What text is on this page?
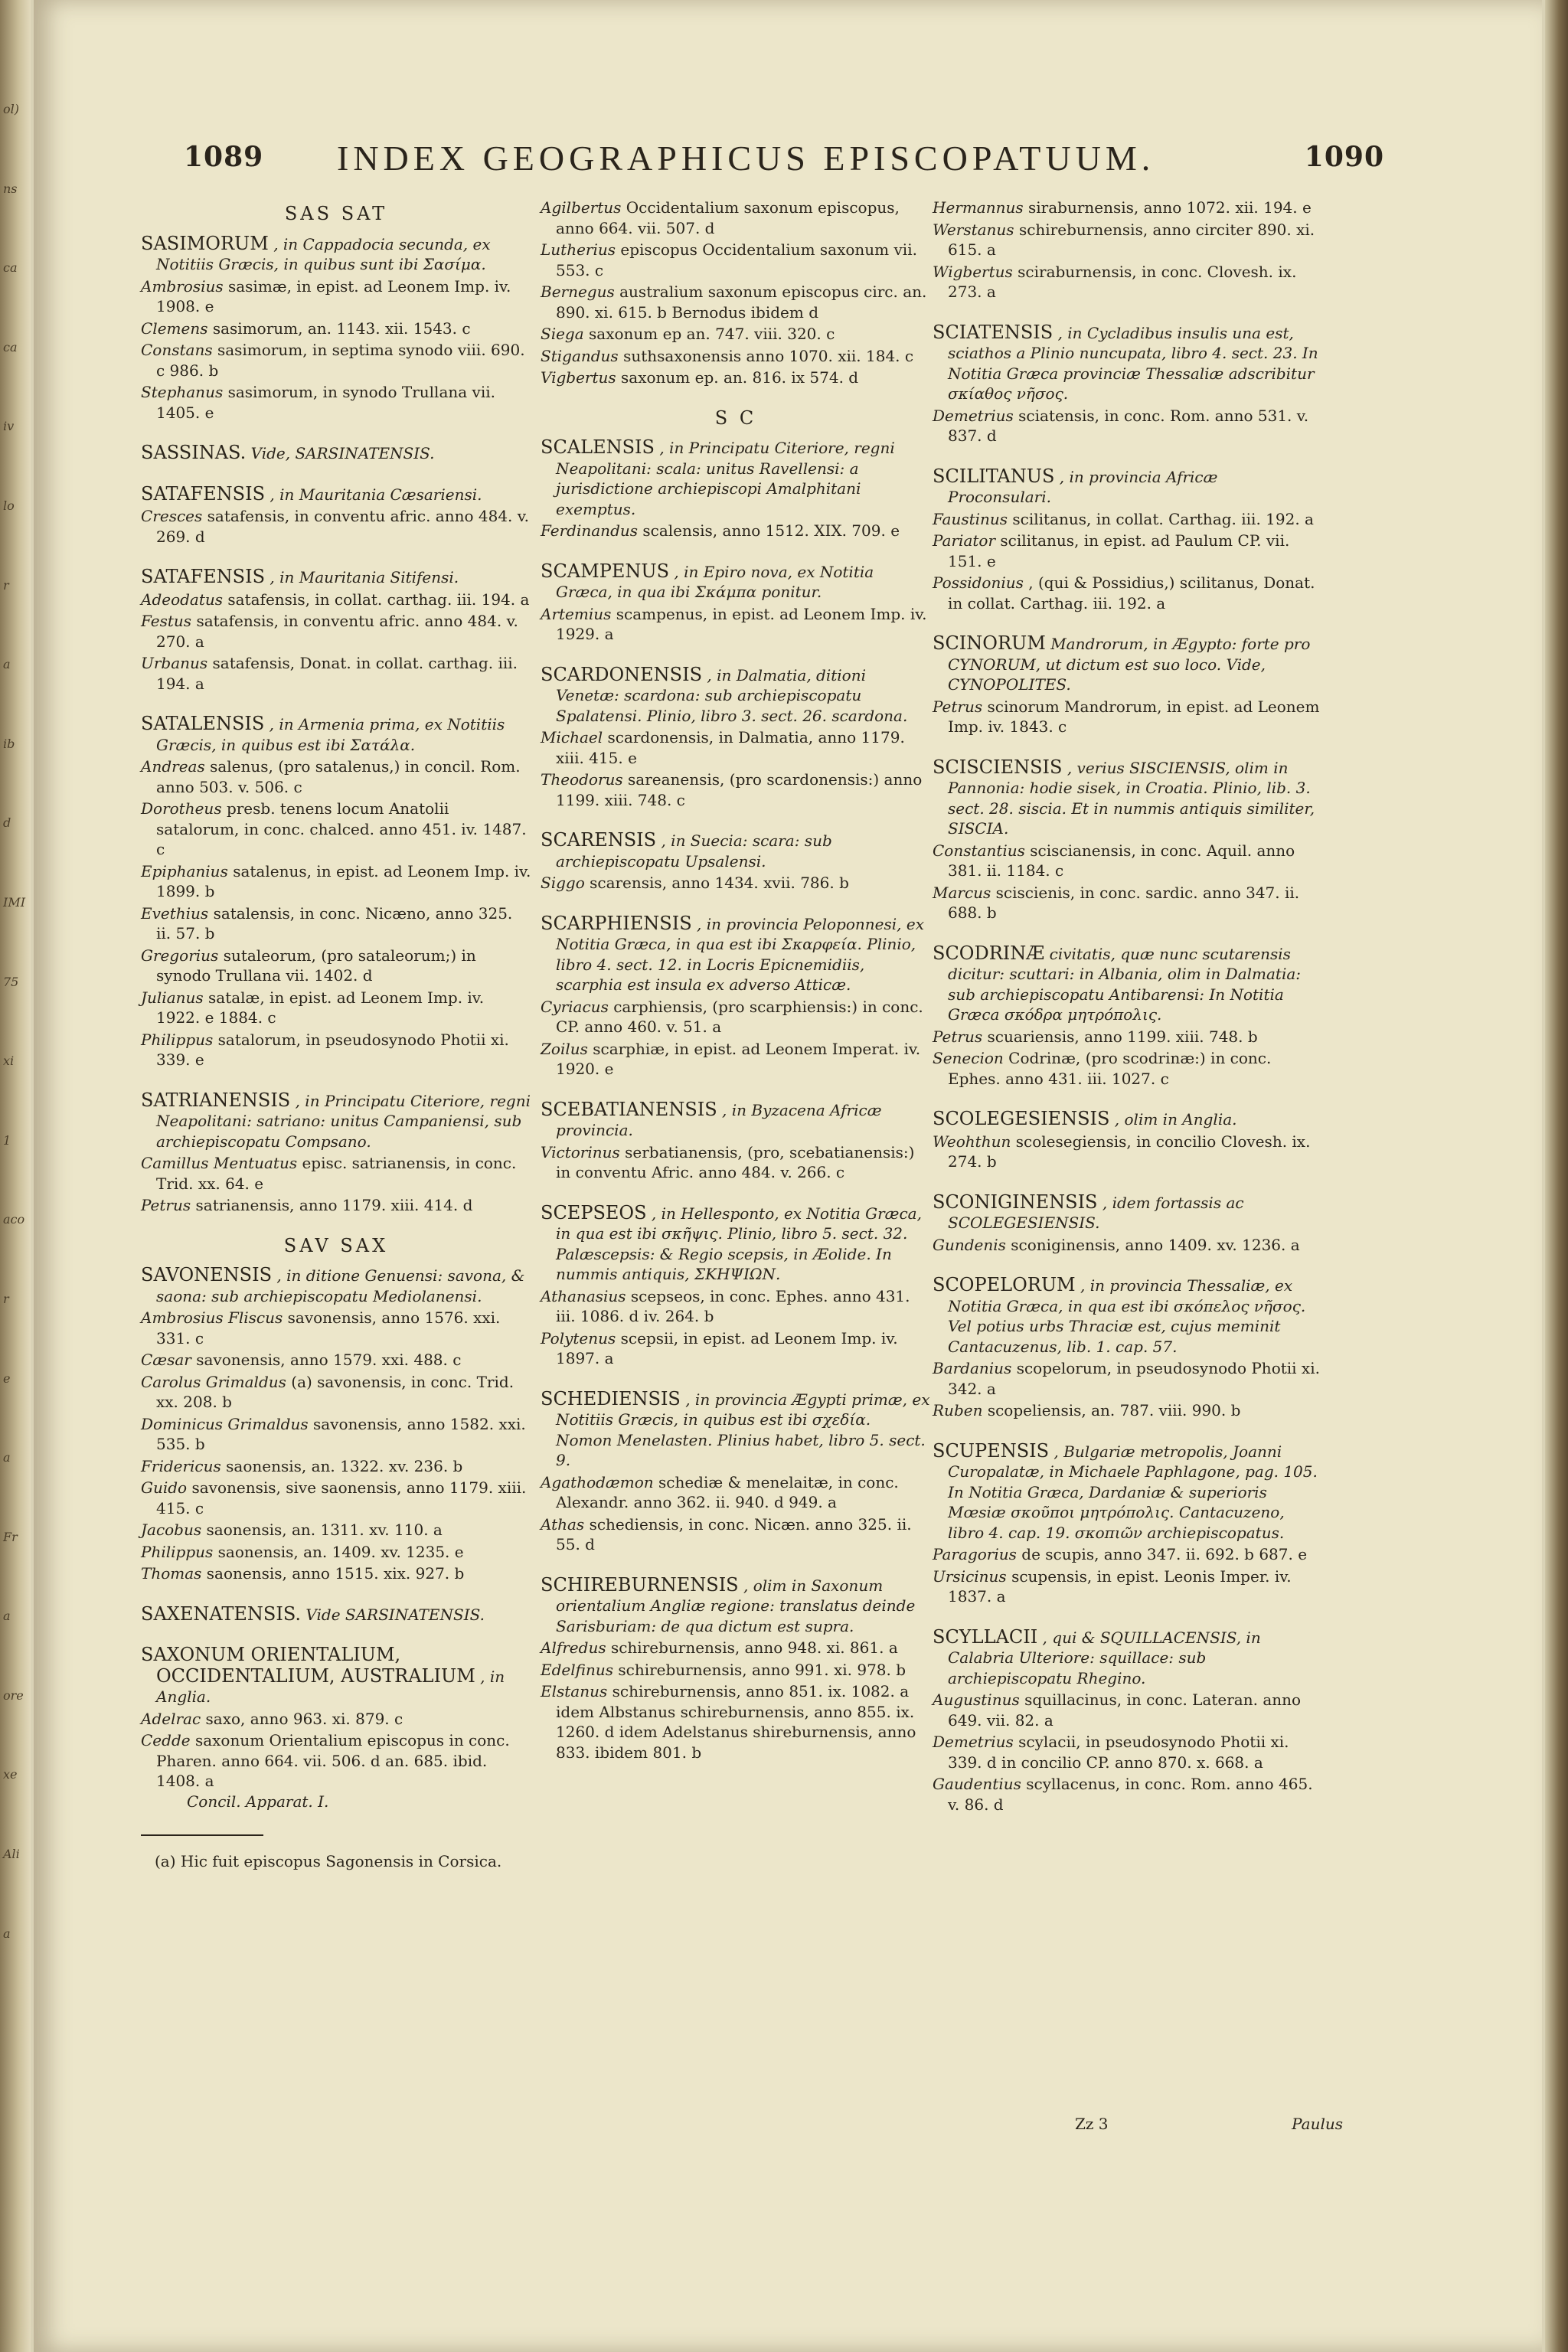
ol)
ns
ca
ca
iv
lo
r
a
ib
d
IMI
75
xi
1
aco
r
e
a
Fr
a
ore
xe
Ali
a
1089 INDEX GEOGRAPHICUS EPISCOPATUUM.	1090
SAS SAT

SASIMORUM , in Cappadocia secunda, ex Notitiis Græcis, in quibus sunt ibi Σασίμα.

Ambrosius sasimæ, in epist. ad Leonem Imp. iv. 1908. e

Clemens sasimorum, an. 1143. xii. 1543. c

Constans sasimorum, in septima synodo viii. 690. c 986. b

Stephanus sasimorum, in synodo Trullana vii. 1405. e

SASSINAS. Vide, SARSINATENSIS.

SATAFENSIS , in Mauritania Cæsariensi.

Cresces satafensis, in conventu afric. anno 484. v. 269. d

SATAFENSIS , in Mauritania Sitifensi.

Adeodatus satafensis, in collat. carthag. iii. 194. a

Festus satafensis, in conventu afric. anno 484. v. 270. a

Urbanus satafensis, Donat. in collat. carthag. iii. 194. a

SATALENSIS , in Armenia prima, ex Notitiis Græcis, in quibus est ibi Σατάλα.

Andreas salenus, (pro satalenus,) in concil. Rom. anno 503. v. 506. c

Dorotheus presb. tenens locum Anatolii satalorum, in conc. chalced. anno 451. iv. 1487. c

Epiphanius satalenus, in epist. ad Leonem Imp. iv. 1899. b

Evethius satalensis, in conc. Nicæno, anno 325. ii. 57. b

Gregorius sutaleorum, (pro sataleorum;) in synodo Trullana vii. 1402. d

Julianus satalæ, in epist. ad Leonem Imp. iv. 1922. e 1884. c

Philippus satalorum, in pseudosynodo Photii xi. 339. e

SATRIANENSIS , in Principatu Citeriore, regni Neapolitani: satriano: unitus Campaniensi, sub archiepiscopatu Compsano.

Camillus Mentuatus episc. satrianensis, in conc. Trid. xx. 64. e

Petrus satrianensis, anno 1179. xiii. 414. d

SAV SAX

SAVONENSIS , in ditione Genuensi: savona, & saona: sub archiepiscopatu Mediolanensi.

Ambrosius Fliscus savonensis, anno 1576. xxi. 331. c

Cæsar savonensis, anno 1579. xxi. 488. c

Carolus Grimaldus (a) savonensis, in conc. Trid. xx. 208. b

Dominicus Grimaldus savonensis, anno 1582. xxi. 535. b

Fridericus saonensis, an. 1322. xv. 236. b

Guido savonensis, sive saonensis, anno 1179. xiii. 415. c

Jacobus saonensis, an. 1311. xv. 110. a

Philippus saonensis, an. 1409. xv. 1235. e

Thomas saonensis, anno 1515. xix. 927. b

SAXENATENSIS. Vide SARSINATENSIS.

SAXONUM ORIENTALIUM, OCCIDENTALIUM, AUSTRALIUM , in Anglia.

Adelrac saxo, anno 963. xi. 879. c

Cedde saxonum Orientalium episcopus in conc. Pharen. anno 664. vii. 506. d an. 685. ibid. 1408. a

Concil. Apparat. I.

(a) Hic fuit episcopus Sagonensis in Corsica.

Agilbertus Occidentalium saxonum episcopus, anno 664. vii. 507. d

Lutherius episcopus Occidentalium saxonum vii. 553. c

Bernegus australium saxonum episcopus circ. an. 890. xi. 615. b Bernodus ibidem d

Siega saxonum ep an. 747. viii. 320. c

Stigandus suthsaxonensis anno 1070. xii. 184. c

Vigbertus saxonum ep. an. 816. ix 574. d

S C

SCALENSIS , in Principatu Citeriore, regni Neapolitani: scala: unitus Ravellensi: a jurisdictione archiepiscopi Amalphitani exemptus.

Ferdinandus scalensis, anno 1512. XIX. 709. e

SCAMPENUS , in Epiro nova, ex Notitia Græca, in qua ibi Σκάμπα ponitur.

Artemius scampenus, in epist. ad Leonem Imp. iv. 1929. a

SCARDONENSIS , in Dalmatia, ditioni Venetæ: scardona: sub archiepiscopatu Spalatensi. Plinio, libro 3. sect. 26. scardona.

Michael scardonensis, in Dalmatia, anno 1179. xiii. 415. e

Theodorus sareanensis, (pro scardonensis:) anno 1199. xiii. 748. c

SCARENSIS , in Suecia: scara: sub archiepiscopatu Upsalensi.

Siggo scarensis, anno 1434. xvii. 786. b

SCARPHIENSIS , in provincia Peloponnesi, ex Notitia Græca, in qua est ibi Σκαρφεία. Plinio, libro 4. sect. 12. in Locris Epicnemidiis, scarphia est insula ex adverso Atticæ.

Cyriacus carphiensis, (pro scarphiensis:) in conc. CP. anno 460. v. 51. a

Zoilus scarphiæ, in epist. ad Leonem Imperat. iv. 1920. e

SCEBATIANENSIS , in Byzacena Africæ provincia.

Victorinus serbatianensis, (pro, scebatianensis:) in conventu Afric. anno 484. v. 266. c

SCEPSEOS , in Hellesponto, ex Notitia Græca, in qua est ibi σκῆψις. Plinio, libro 5. sect. 32. Palæscepsis: & Regio scepsis, in Æolide. In nummis antiquis, ΣΚΗΨΙΩΝ.

Athanasius scepseos, in conc. Ephes. anno 431. iii. 1086. d iv. 264. b

Polytenus scepsii, in epist. ad Leonem Imp. iv. 1897. a

SCHEDIENSIS , in provincia Ægypti primæ, ex Notitiis Græcis, in quibus est ibi σχεδία. Nomon Menelasten. Plinius habet, libro 5. sect. 9.

Agathodæmon schediæ & menelaitæ, in conc. Alexandr. anno 362. ii. 940. d 949. a

Athas schediensis, in conc. Nicæn. anno 325. ii. 55. d

SCHIREBURNENSIS , olim in Saxonum orientalium Angliæ regione: translatus deinde Sarisburiam: de qua dictum est supra.

Alfredus schireburnensis, anno 948. xi. 861. a

Edelfinus schireburnensis, anno 991. xi. 978. b

Elstanus schireburnensis, anno 851. ix. 1082. a idem Albstanus schireburnensis, anno 855. ix. 1260. d idem Adelstanus shireburnensis, anno 833. ibidem 801. b

Hermannus siraburnensis, anno 1072. xii. 194. e

Werstanus schireburnensis, anno circiter 890. xi. 615. a

Wigbertus sciraburnensis, in conc. Clovesh. ix. 273. a

SCIATENSIS , in Cycladibus insulis una est, sciathos a Plinio nuncupata, libro 4. sect. 23. In Notitia Græca provinciæ Thessaliæ adscribitur σκίαθος νῆσος.

Demetrius sciatensis, in conc. Rom. anno 531. v. 837. d

SCILITANUS , in provincia Africæ Proconsulari.

Faustinus scilitanus, in collat. Carthag. iii. 192. a

Pariator scilitanus, in epist. ad Paulum CP. vii. 151. e

Possidonius , (qui & Possidius,) scilitanus, Donat. in collat. Carthag. iii. 192. a

SCINORUM Mandrorum, in Ægypto: forte pro CYNORUM, ut dictum est suo loco. Vide, CYNOPOLITES.

Petrus scinorum Mandrorum, in epist. ad Leonem Imp. iv. 1843. c

SCISCIENSIS , verius SISCIENSIS, olim in Pannonia: hodie sisek, in Croatia. Plinio, lib. 3. sect. 28. siscia. Et in nummis antiquis similiter, SISCIA.

Constantius sciscianensis, in conc. Aquil. anno 381. ii. 1184. c

Marcus sciscienis, in conc. sardic. anno 347. ii. 688. b

SCODRINÆ civitatis, quæ nunc scutarensis dicitur: scuttari: in Albania, olim in Dalmatia: sub archiepiscopatu Antibarensi: In Notitia Græca σκόδρα μητρόπολις.

Petrus scuariensis, anno 1199. xiii. 748. b

Senecion Codrinæ, (pro scodrinæ:) in conc. Ephes. anno 431. iii. 1027. c

SCOLEGESIENSIS , olim in Anglia.

Weohthun scolesegiensis, in concilio Clovesh. ix. 274. b

SCONIGINENSIS , idem fortassis ac SCOLEGESIENSIS.

Gundenis sconiginensis, anno 1409. xv. 1236. a

SCOPELORUM , in provincia Thessaliæ, ex Notitia Græca, in qua est ibi σκόπελος νῆσος. Vel potius urbs Thraciæ est, cujus meminit Cantacuzenus, lib. 1. cap. 57.

Bardanius scopelorum, in pseudosynodo Photii xi. 342. a

Ruben scopeliensis, an. 787. viii. 990. b

SCUPENSIS , Bulgariæ metropolis, Joanni Curopalatæ, in Michaele Paphlagone, pag. 105. In Notitia Græca, Dardaniæ & superioris Mœsiæ σκοῦποι μητρόπολις. Cantacuzeno, libro 4. cap. 19. σκοπιῶν archiepiscopatus.

Paragorius de scupis, anno 347. ii. 692. b 687. e

Ursicinus scupensis, in epist. Leonis Imper. iv. 1837. a

SCYLLACII , qui & SQUILLACENSIS, in Calabria Ulteriore: squillace: sub archiepiscopatu Rhegino.

Augustinus squillacinus, in conc. Lateran. anno 649. vii. 82. a

Demetrius scylacii, in pseudosynodo Photii xi. 339. d in concilio CP. anno 870. x. 668. a

Gaudentius scyllacenus, in conc. Rom. anno 465. v. 86. d

Zz 3	Paulus
